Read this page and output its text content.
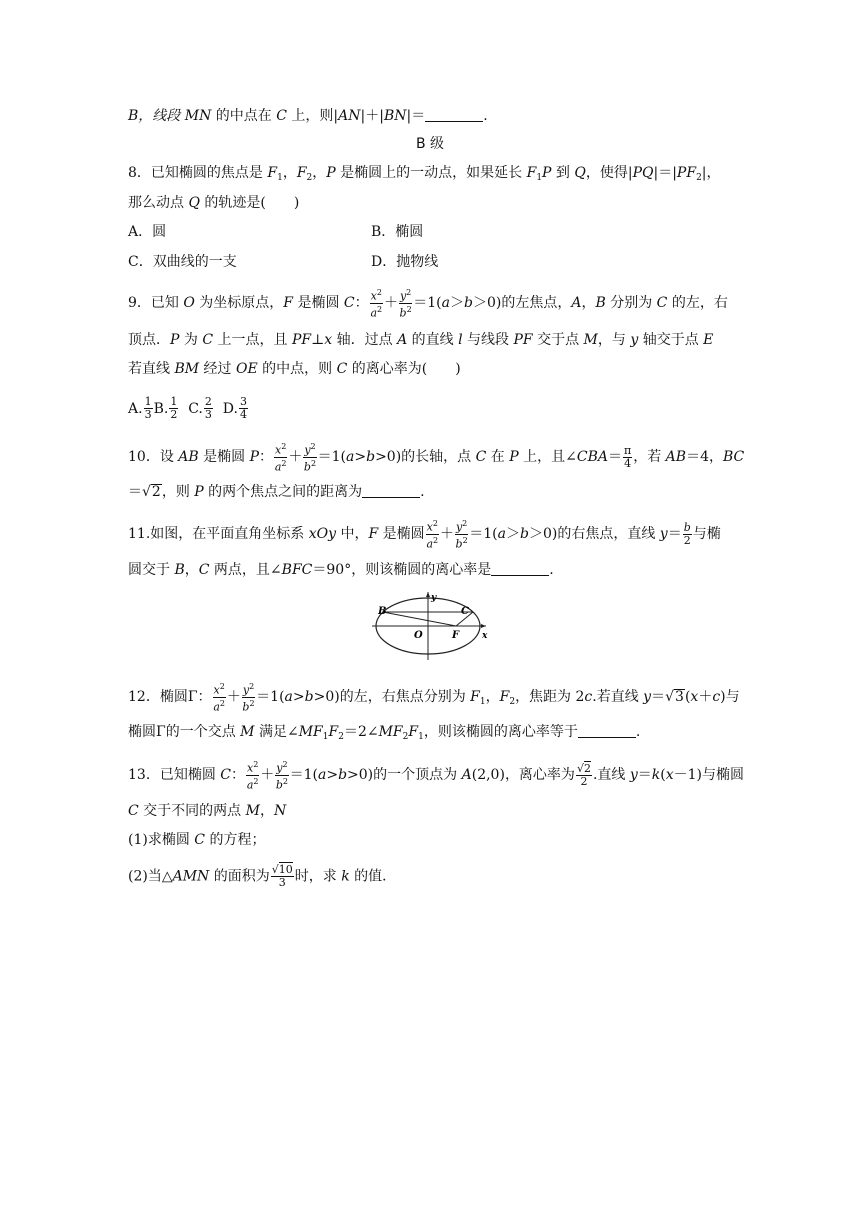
B，线段 MN 的中点在 C 上，则|AN|＋|BN|＝	.
B 级
8．已知椭圆的焦点是 $F_1$，$F_2$，P 是椭圆上的一动点，如果延长 $F_1P$ 到 Q，使得$|PQ|=|PF_2|$，
那么动点 Q 的轨迹是(　　)
A．圆	B．椭圆
C．双曲线的一支	D．抛物线
9．已知 O 为坐标原点，F 是椭圆 C： $\frac{x^2}{a^2} + \frac{y^2}{b^2} =1(a>b>0)$的左焦点，A，B 分别为 C 的左，右
顶点．P 为 C 上一点，且 PF⊥x 轴．过点 A 的直线 l 与线段 PF 交于点 M，与 y 轴交于点 E
若直线 BM 经过 OE 的中点，则 C 的离心率为(　　)
A. $\frac{1}{3} B$. $\frac{1}{2} C$. $\frac{2}{3} D$. $\frac{3}{4}$
10．设 AB 是椭圆 P： $\frac{x^2}{a^2} + \frac{y^2}{b^2} =1(a>b>0)$的长轴，点 C 在 P 上，且∠CBA＝ $\frac{\pi}{4}$ ，若 AB＝4，BC
＝√2，则 P 的两个焦点之间的距离为	.
11.如图，在平面直角坐标系 xOy 中，F 是椭圆 $\frac{x^2}{a^2} + \frac{y^2}{b^2} =1(a>b>0)$的右焦点，直线 $y= \frac{b}{2}$ 与椭
圆交于 B，C 两点，且∠BFC＝90°，则该椭圆的离心率是	.
B	C
O	F	x
y
12．椭圆Γ： $\frac{x^2}{a^2} + \frac{y^2}{b^2} =1(a>b>0)$的左，右焦点分别为 $F_1$，$F_2$，焦距为 2c.若直线 y＝√3(x＋c)与
椭圆Γ的一个交点 M 满足$\angle MF_1F_2=2\angle MF_2F_1$，则该椭圆的离心率等于	.
13．已知椭圆 C： $\frac{x^2}{a^2} + \frac{y^2}{b^2} =1(a>b>0)$的一个顶点为 A(2,0)，离心率为 $\frac{√2}{2}$ .直线 y＝k(x－1)与椭圆
C 交于不同的两点 M，N
(1)求椭圆 C 的方程；
(2)当△AMN 的面积为 $\frac{√10}{3}$ 时，求 k 的值．
